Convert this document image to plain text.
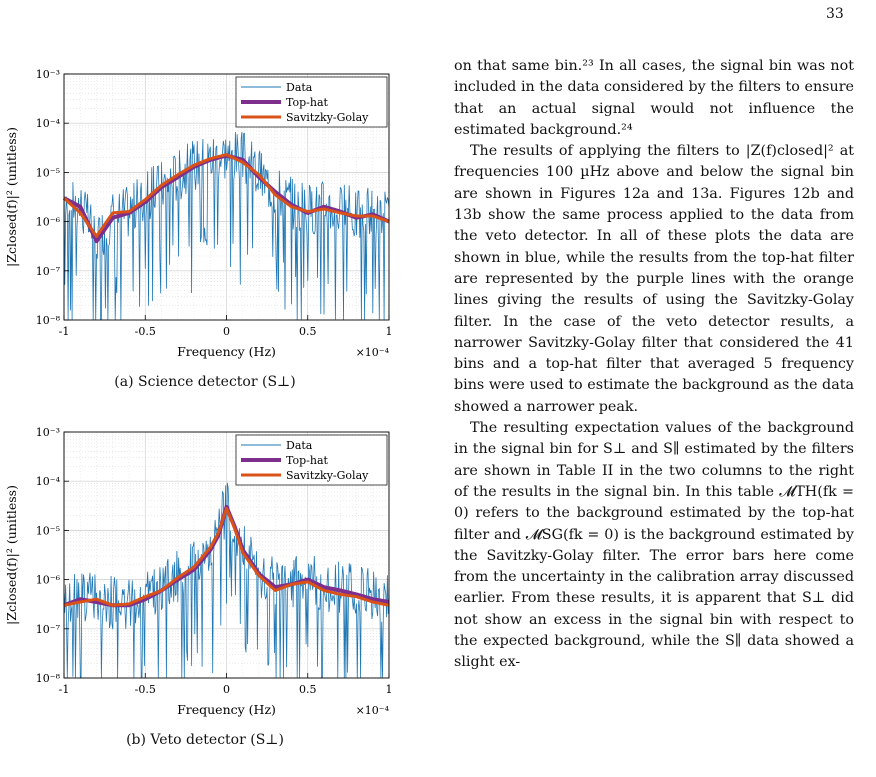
33
10⁻⁸
10⁻⁷
10⁻⁶
10⁻⁵
10⁻⁴
10⁻³
-1	-0.5	0	0.5	1
Frequency (Hz)	×10⁻⁴
|Zclosed(f)|² (unitless)
Data
Top-hat
Savitzky-Golay
(a) Science detector (S⊥)
10⁻⁸
10⁻⁷
10⁻⁶
10⁻⁵
10⁻⁴
10⁻³
-1	-0.5	0	0.5	1
Frequency (Hz)	×10⁻⁴
|Zclosed(f)|² (unitless)
Data
Top-hat
Savitzky-Golay
(b) Veto detector (S⊥)

on that same bin.²³ In all cases, the signal bin was not included in the data considered by the filters to ensure that an actual signal would not influence the estimated background.²⁴

The results of applying the filters to |Z(f)closed|² at frequencies 100 µHz above and below the signal bin are shown in Figures 12a and 13a. Figures 12b and 13b show the same process applied to the data from the veto detector. In all of these plots the data are shown in blue, while the results from the top-hat filter are represented by the purple lines with the orange lines giving the results of using the Savitzky-Golay filter. In the case of the veto detector results, a narrower Savitzky-Golay filter that considered the 41 bins and a top-hat filter that averaged 5 frequency bins were used to estimate the background as the data showed a narrower peak.

The resulting expectation values of the background in the signal bin for S⊥ and S∥ estimated by the filters are shown in Table II in the two columns to the right of the results in the signal bin. In this table 𝓜TH(fk = 0) refers to the background estimated by the top-hat filter and 𝓜SG(fk = 0) is the background estimated by the Savitzky-Golay filter. The error bars here come from the uncertainty in the calibration array discussed earlier. From these results, it is apparent that S⊥ did not show an excess in the signal bin with respect to the expected background, while the S∥ data showed a slight ex-
